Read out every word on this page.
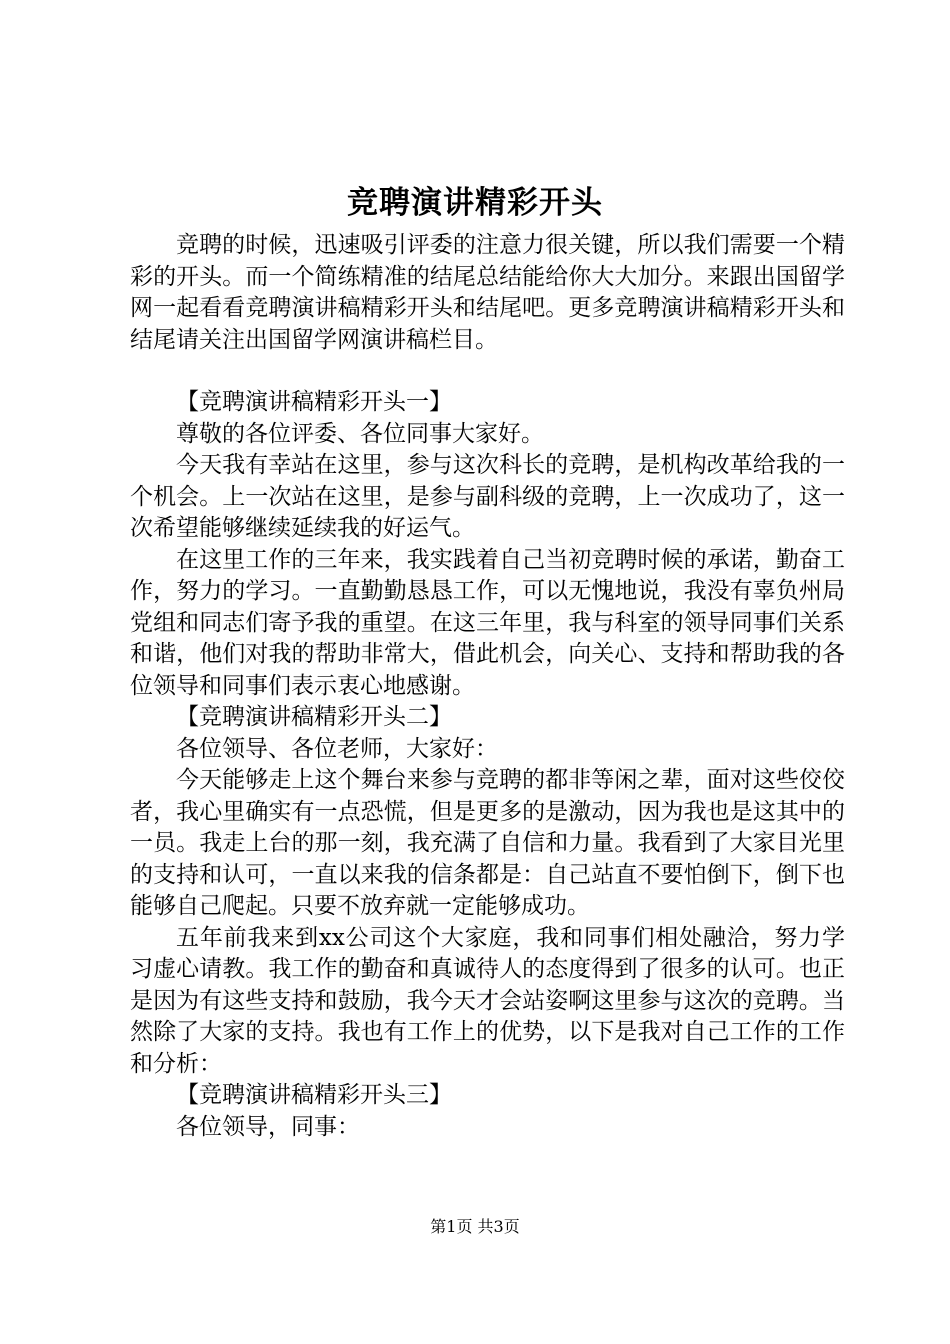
竞聘演讲精彩开头

竞聘的时候，迅速吸引评委的注意力很关键，所以我们需要一个精彩的开头。而一个简练精准的结尾总结能给你大大加分。来跟出国留学网一起看看竞聘演讲稿精彩开头和结尾吧。更多竞聘演讲稿精彩开头和结尾请关注出国留学网演讲稿栏目。

【竞聘演讲稿精彩开头一】

尊敬的各位评委、各位同事大家好。

今天我有幸站在这里，参与这次科长的竞聘，是机构改革给我的一个机会。上一次站在这里，是参与副科级的竞聘，上一次成功了，这一次希望能够继续延续我的好运气。

在这里工作的三年来，我实践着自己当初竞聘时候的承诺，勤奋工作，努力的学习。一直勤勤恳恳工作，可以无愧地说，我没有辜负州局党组和同志们寄予我的重望。在这三年里，我与科室的领导同事们关系和谐，他们对我的帮助非常大，借此机会，向关心、支持和帮助我的各位领导和同事们表示衷心地感谢。

【竞聘演讲稿精彩开头二】

各位领导、各位老师，大家好：

今天能够走上这个舞台来参与竞聘的都非等闲之辈，面对这些佼佼者，我心里确实有一点恐慌，但是更多的是激动，因为我也是这其中的一员。我走上台的那一刻，我充满了自信和力量。我看到了大家目光里的支持和认可，一直以来我的信条都是：自己站直不要怕倒下，倒下也能够自己爬起。只要不放弃就一定能够成功。

五年前我来到xx公司这个大家庭，我和同事们相处融洽，努力学习虚心请教。我工作的勤奋和真诚待人的态度得到了很多的认可。也正是因为有这些支持和鼓励，我今天才会站姿啊这里参与这次的竞聘。当然除了大家的支持。我也有工作上的优势，以下是我对自己工作的工作和分析：

【竞聘演讲稿精彩开头三】

各位领导，同事：

第1页 共3页
